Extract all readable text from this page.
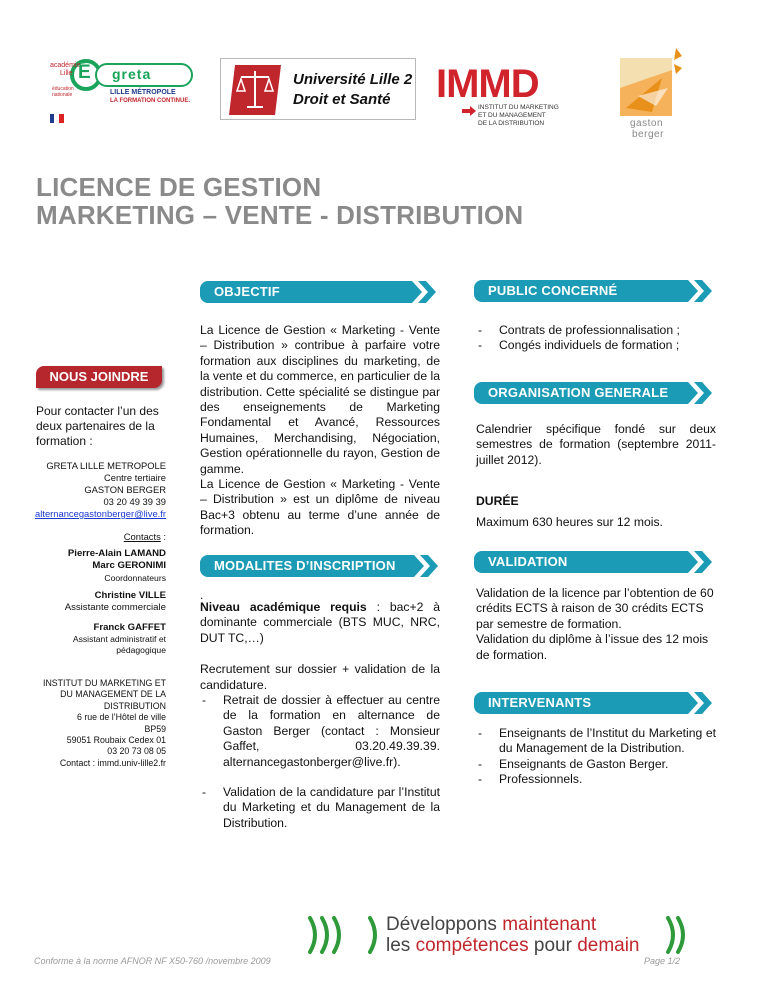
académie
Lille É greta
éducation
nationale	LILLE MÉTROPOLE
LA FORMATION CONTINUE.
Université Lille 2
Droit et Santé IMMD
INSTITUT DU MARKETING
ET DU MANAGEMENT
DE LA DISTRIBUTION	gaston
berger
LICENCE DE GESTION
MARKETING – VENTE - DISTRIBUTION
OBJECTIF	PUBLIC CONCERNÉ
ORGANISATION GENERALE
MODALITES D’INSCRIPTION	VALIDATION
INTERVENANTS
NOUS JOINDRE
Pour contacter l’un des deux partenaires de la formation :
GRETA LILLE METROPOLE
Centre tertiaire
GASTON BERGER
03 20 49 39 39
alternancegastonberger@live.fr
Contacts :
Pierre-Alain LAMAND
Marc GERONIMI
Coordonnateurs
Christine VILLE
Assistante commerciale
Franck GAFFET
Assistant administratif et pédagogique
INSTITUT DU MARKETING ET DU MANAGEMENT DE LA DISTRIBUTION
6 rue de l’Hôtel de ville
BP59
59051 Roubaix Cedex 01
03 20 73 08 05
Contact : immd.univ-lille2.fr
La Licence de Gestion « Marketing - Vente – Distribution » contribue à parfaire votre formation aux disciplines du marketing, de la vente et du commerce, en particulier de la distribution. Cette spécialité se distingue par des enseignements de Marketing Fondamental et Avancé, Ressources Humaines, Merchandising, Négociation, Gestion opérationnelle du rayon, Gestion de gamme.
La Licence de Gestion « Marketing - Vente – Distribution » est un diplôme de niveau Bac+3 obtenu au terme d’une année de formation.
- Contrats de professionnalisation ;
- Congés individuels de formation ;
Calendrier spécifique fondé sur deux semestres de formation (septembre 2011- juillet 2012).
DURÉE
Maximum 630 heures sur 12 mois.
.
Niveau académique requis : bac+2 à dominante commerciale (BTS MUC, NRC, DUT TC,…)
Recrutement sur dossier + validation de la candidature.
- Retrait de dossier à effectuer au centre de la formation en alternance de Gaston Berger (contact : Monsieur Gaffet, 03.20.49.39.39. alternancegastonberger@live.fr).
- Validation de la candidature par l’Institut du Marketing et du Management de la Distribution.
Validation de la licence par l’obtention de 60 crédits ECTS à raison de 30 crédits ECTS par semestre de formation.
Validation du diplôme à l’issue des 12 mois de formation.
- Enseignants de l’Institut du Marketing et du Management de la Distribution.
- Enseignants de Gaston Berger.
- Professionnels.
Développons maintenant
les compétences pour demain
Conforme à la norme AFNOR NF X50-760 /novembre 2009	Page 1/2
